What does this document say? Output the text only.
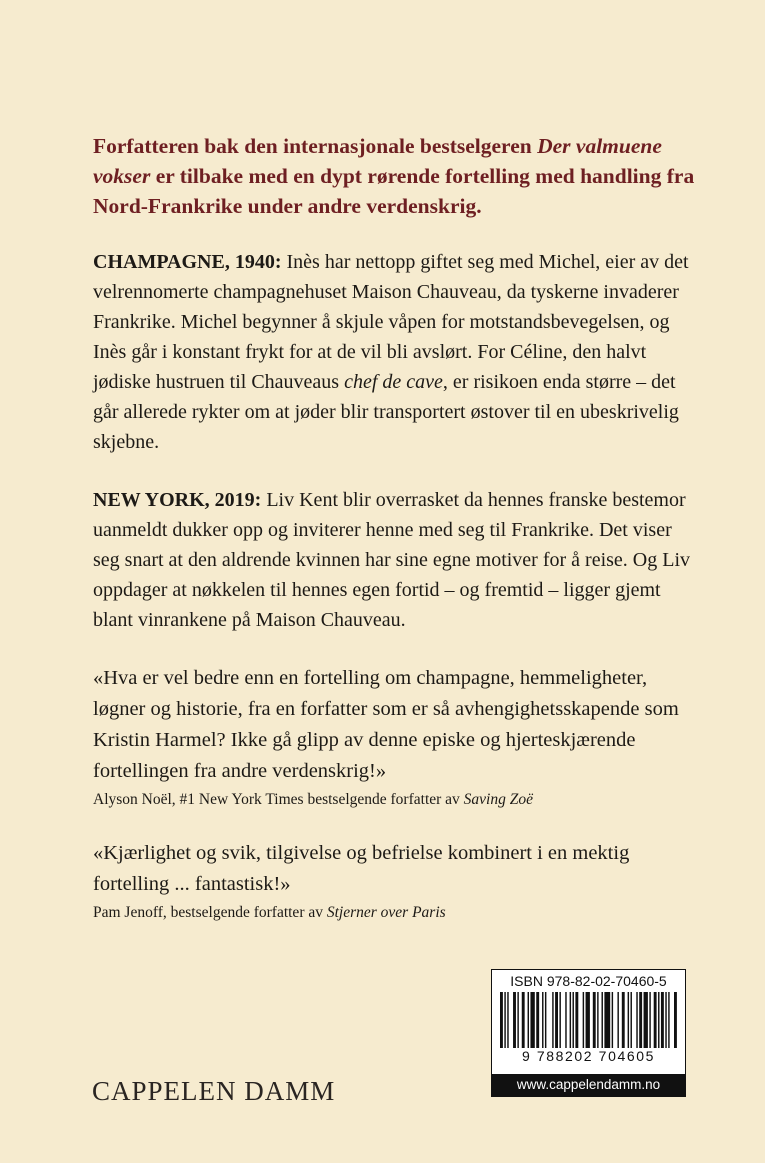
Forfatteren bak den internasjonale bestselgeren Der valmuene vokser er tilbake med en dypt rørende fortelling med handling fra Nord-Frankrike under andre verdenskrig.

CHAMPAGNE, 1940: Inès har nettopp giftet seg med Michel, eier av det velrennomerte champagnehuset Maison Chauveau, da tyskerne invaderer Frankrike. Michel begynner å skjule våpen for motstandsbevegelsen, og Inès går i konstant frykt for at de vil bli avslørt. For Céline, den halvt jødiske hustruen til Chauveaus chef de cave, er risikoen enda større – det går allerede rykter om at jøder blir transportert østover til en ubeskrivelig skjebne.

NEW YORK, 2019: Liv Kent blir overrasket da hennes franske bestemor uanmeldt dukker opp og inviterer henne med seg til Frankrike. Det viser seg snart at den aldrende kvinnen har sine egne motiver for å reise. Og Liv oppdager at nøkkelen til hennes egen fortid – og fremtid – ligger gjemt blant vinrankene på Maison Chauveau.

«Hva er vel bedre enn en fortelling om champagne, hemmeligheter, løgner og historie, fra en forfatter som er så avhengighetsskapende som Kristin Harmel? Ikke gå glipp av denne episke og hjerteskjærende fortellingen fra andre verdenskrig!»

Alyson Noël, #1 New York Times bestselgende forfatter av Saving Zoë

«Kjærlighet og svik, tilgivelse og befrielse kombinert i en mektig fortelling ... fantastisk!»

Pam Jenoff, bestselgende forfatter av Stjerner over Paris

CAPPELEN DAMM
ISBN 978-82-02-70460-5
9 788202 704605
www.cappelendamm.no
